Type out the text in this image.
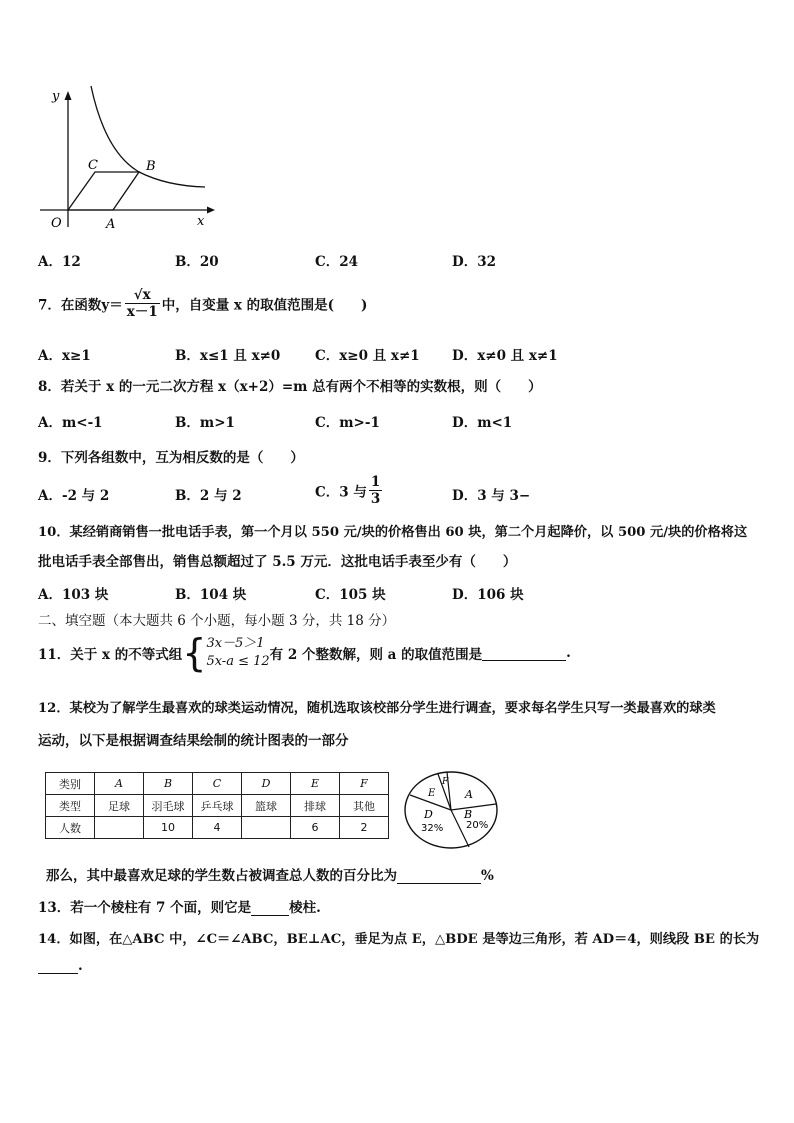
y
x
O	A
B
C
A．12	B．20	C．24	D．32
7．在函数$y= \frac{√x}{x-1}$ 中，自变量 x 的取值范围是(　　)
A．x≥1	B．x≤1 且 x≠0	C．x≥0 且 x≠1 D．x≠0 且 x≠1
8．若关于 x 的一元二次方程 x（x+2）=m 总有两个不相等的实数根，则（　　）
A．m<-1	B．m>1	C．m>-1	D．m<1
9．下列各组数中，互为相反数的是（　　）
A．-2 与 2	B．2 与 2	C．3 与 $\frac{1}{3}$	D．3 与 3−
10．某经销商销售一批电话手表，第一个月以 550 元/块的价格售出 60 块，第二个月起降价，以 500 元/块的价格将这
批电话手表全部售出，销售总额超过了 5.5 万元．这批电话手表至少有（　　）
A．103 块	B．104 块	C．105 块	D．106 块
二、填空题（本大题共 6 个小题，每小题 3 分，共 18 分）
11．关于 x 的不等式组{ 3x－5＞1
5x-a ≤ 12 有 2 个整数解，则 a 的取值范围是	.
12．某校为了解学生最喜欢的球类运动情况，随机选取该校部分学生进行调查，要求每名学生只写一类最喜欢的球类
运动，以下是根据调查结果绘制的统计图表的一部分
类别	A	B	C	D	E	F
类型	足球	羽毛球	乒乓球	篮球	排球	其他
人数		10	4		6	2
A
E
F
D
32%
B
20%
那么，其中最喜欢足球的学生数占被调查总人数的百分比为	%
13．若一个棱柱有 7 个面，则它是	棱柱.
14．如图，在△ABC 中，∠C＝∠ABC，BE⊥AC，垂足为点 E，△BDE 是等边三角形，若 AD＝4，则线段 BE 的长为
.
